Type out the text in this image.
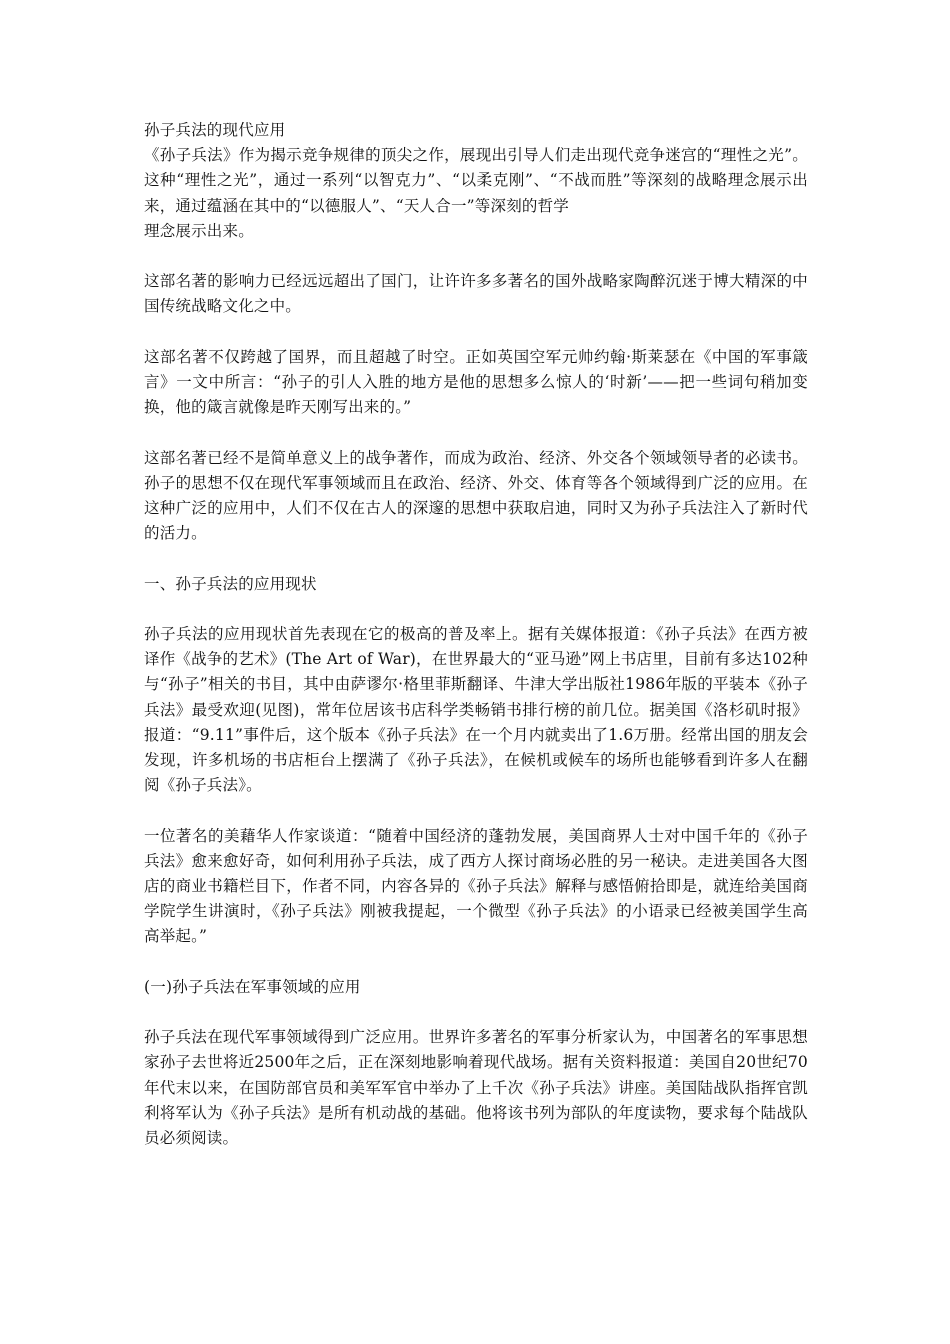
孙子兵法的现代应用

《孙子兵法》作为揭示竞争规律的顶尖之作，展现出引导人们走出现代竞争迷宫的“理性之光”。这种“理性之光”，通过一系列“以智克力”、“以柔克刚”、“不战而胜”等深刻的战略理念展示出来，通过蕴涵在其中的“以德服人”、“天人合一”等深刻的哲学

理念展示出来。

这部名著的影响力已经远远超出了国门，让许许多多著名的国外战略家陶醉沉迷于博大精深的中国传统战略文化之中。

这部名著不仅跨越了国界，而且超越了时空。正如英国空军元帅约翰·斯莱瑟在《中国的军事箴言》一文中所言：“孙子的引人入胜的地方是他的思想多么惊人的‘时新’——把一些词句稍加变换，他的箴言就像是昨天刚写出来的。”

这部名著已经不是简单意义上的战争著作，而成为政治、经济、外交各个领域领导者的必读书。孙子的思想不仅在现代军事领域而且在政治、经济、外交、体育等各个领域得到广泛的应用。在这种广泛的应用中，人们不仅在古人的深邃的思想中获取启迪，同时又为孙子兵法注入了新时代的活力。

一、孙子兵法的应用现状

孙子兵法的应用现状首先表现在它的极高的普及率上。据有关媒体报道：《孙子兵法》在西方被译作《战争的艺术》(The Art of War)，在世界最大的“亚马逊”网上书店里，目前有多达102种与“孙子”相关的书目，其中由萨谬尔·格里菲斯翻译、牛津大学出版社1986年版的平装本《孙子兵法》最受欢迎(见图)，常年位居该书店科学类畅销书排行榜的前几位。据美国《洛杉矶时报》报道：“9.11”事件后，这个版本《孙子兵法》在一个月内就卖出了1.6万册。经常出国的朋友会发现，许多机场的书店柜台上摆满了《孙子兵法》，在候机或候车的场所也能够看到许多人在翻阅《孙子兵法》。

一位著名的美藉华人作家谈道：“随着中国经济的蓬勃发展，美国商界人士对中国千年的《孙子兵法》愈来愈好奇，如何利用孙子兵法，成了西方人探讨商场必胜的另一秘诀。走进美国各大图店的商业书籍栏目下，作者不同，内容各异的《孙子兵法》解释与感悟俯拾即是，就连给美国商学院学生讲演时，《孙子兵法》刚被我提起，一个微型《孙子兵法》的小语录已经被美国学生高高举起。”

(一)孙子兵法在军事领域的应用

孙子兵法在现代军事领域得到广泛应用。世界许多著名的军事分析家认为，中国著名的军事思想家孙子去世将近2500年之后，正在深刻地影响着现代战场。据有关资料报道：美国自20世纪70年代末以来，在国防部官员和美军军官中举办了上千次《孙子兵法》讲座。美国陆战队指挥官凯利将军认为《孙子兵法》是所有机动战的基础。他将该书列为部队的年度读物，要求每个陆战队员必须阅读。
